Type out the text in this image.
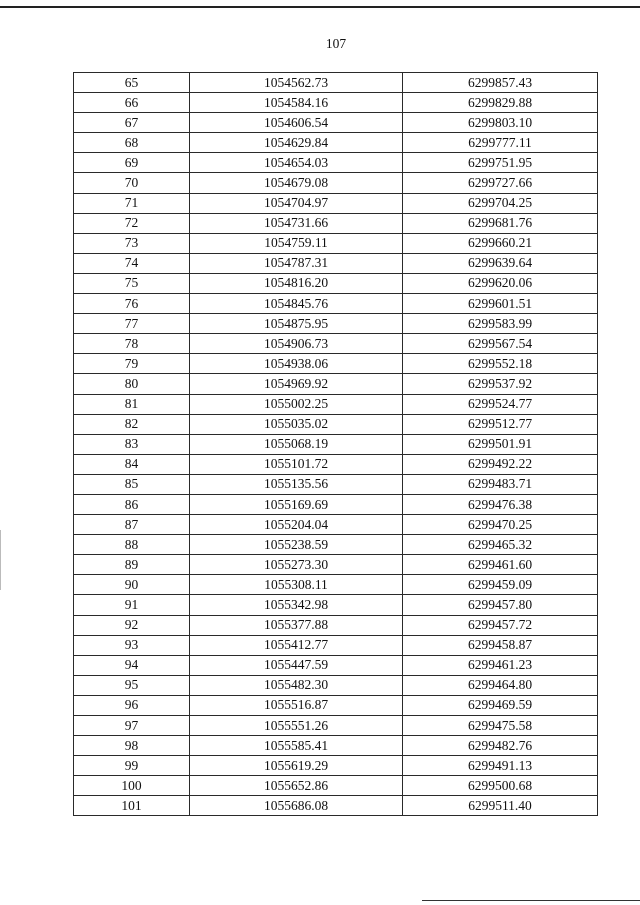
107
65	1054562.73	6299857.43
66	1054584.16	6299829.88
67	1054606.54	6299803.10
68	1054629.84	6299777.11
69	1054654.03	6299751.95
70	1054679.08	6299727.66
71	1054704.97	6299704.25
72	1054731.66	6299681.76
73	1054759.11	6299660.21
74	1054787.31	6299639.64
75	1054816.20	6299620.06
76	1054845.76	6299601.51
77	1054875.95	6299583.99
78	1054906.73	6299567.54
79	1054938.06	6299552.18
80	1054969.92	6299537.92
81	1055002.25	6299524.77
82	1055035.02	6299512.77
83	1055068.19	6299501.91
84	1055101.72	6299492.22
85	1055135.56	6299483.71
86	1055169.69	6299476.38
87	1055204.04	6299470.25
88	1055238.59	6299465.32
89	1055273.30	6299461.60
90	1055308.11	6299459.09
91	1055342.98	6299457.80
92	1055377.88	6299457.72
93	1055412.77	6299458.87
94	1055447.59	6299461.23
95	1055482.30	6299464.80
96	1055516.87	6299469.59
97	1055551.26	6299475.58
98	1055585.41	6299482.76
99	1055619.29	6299491.13
100	1055652.86	6299500.68
101	1055686.08	6299511.40
